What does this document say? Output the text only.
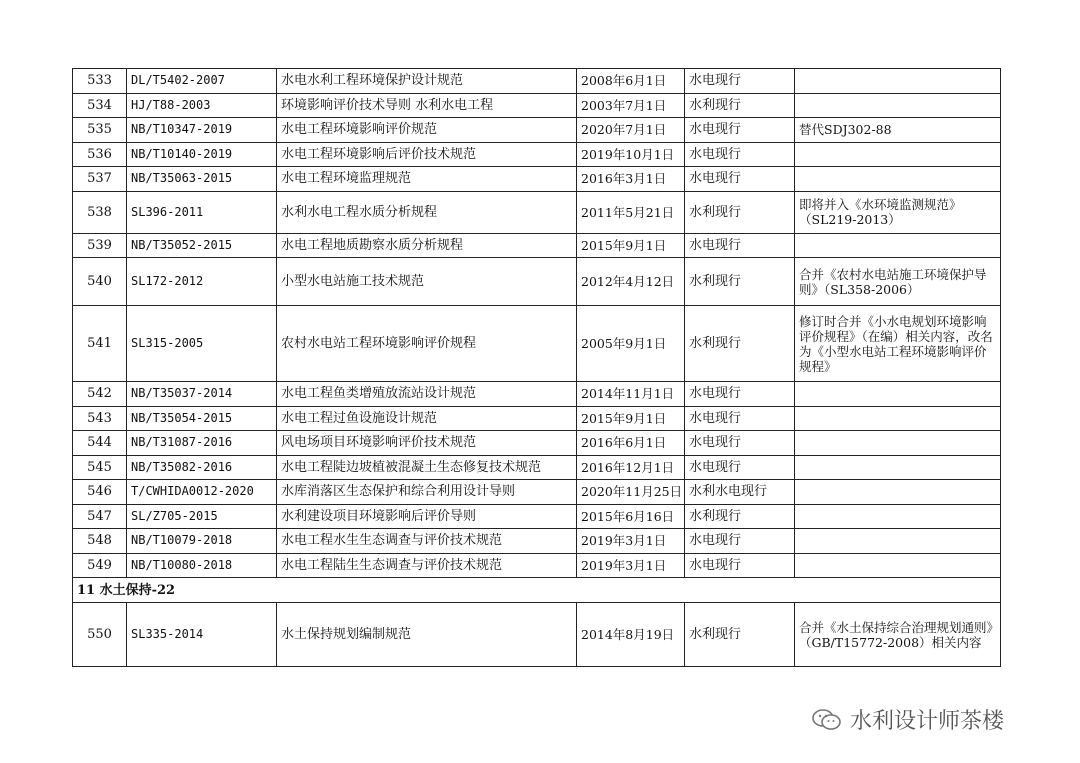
533	DL/T5402-2007	水电水利工程环境保护设计规范	2008年6月1日	水电现行	
534	HJ/T88-2003	环境影响评价技术导则 水利水电工程	2003年7月1日	水利现行	
535	NB/T10347-2019	水电工程环境影响评价规范	2020年7月1日	水电现行	替代SDJ302-88
536	NB/T10140-2019	水电工程环境影响后评价技术规范	2019年10月1日	水电现行	
537	NB/T35063-2015	水电工程环境监理规范	2016年3月1日	水电现行	
538	SL396-2011	水利水电工程水质分析规程	2011年5月21日	水利现行	即将并入《水环境监测规范》（SL219-2013）
539	NB/T35052-2015	水电工程地质勘察水质分析规程	2015年9月1日	水电现行	
540	SL172-2012	小型水电站施工技术规范	2012年4月12日	水利现行	合并《农村水电站施工环境保护导则》（SL358-2006）
541	SL315-2005	农村水电站工程环境影响评价规程	2005年9月1日	水利现行	修订时合并《小水电规划环境影响评价规程》（在编）相关内容，改名为《小型水电站工程环境影响评价规程》
542	NB/T35037-2014	水电工程鱼类增殖放流站设计规范	2014年11月1日	水电现行	
543	NB/T35054-2015	水电工程过鱼设施设计规范	2015年9月1日	水电现行	
544	NB/T31087-2016	风电场项目环境影响评价技术规范	2016年6月1日	水电现行	
545	NB/T35082-2016	水电工程陡边坡植被混凝土生态修复技术规范	2016年12月1日	水电现行	
546	T/CWHIDA0012-2020	水库消落区生态保护和综合利用设计导则	2020年11月25日	水利水电现行	
547	SL/Z705-2015	水利建设项目环境影响后评价导则	2015年6月16日	水利现行	
548	NB/T10079-2018	水电工程水生生态调查与评价技术规范	2019年3月1日	水电现行	
549	NB/T10080-2018	水电工程陆生生态调查与评价技术规范	2019年3月1日	水电现行	
11 水土保持-22					
550	SL335-2014	水土保持规划编制规范	2014年8月19日	水利现行	合并《水土保持综合治理规划通则》（GB/T15772-2008）相关内容
水利设计师茶楼
